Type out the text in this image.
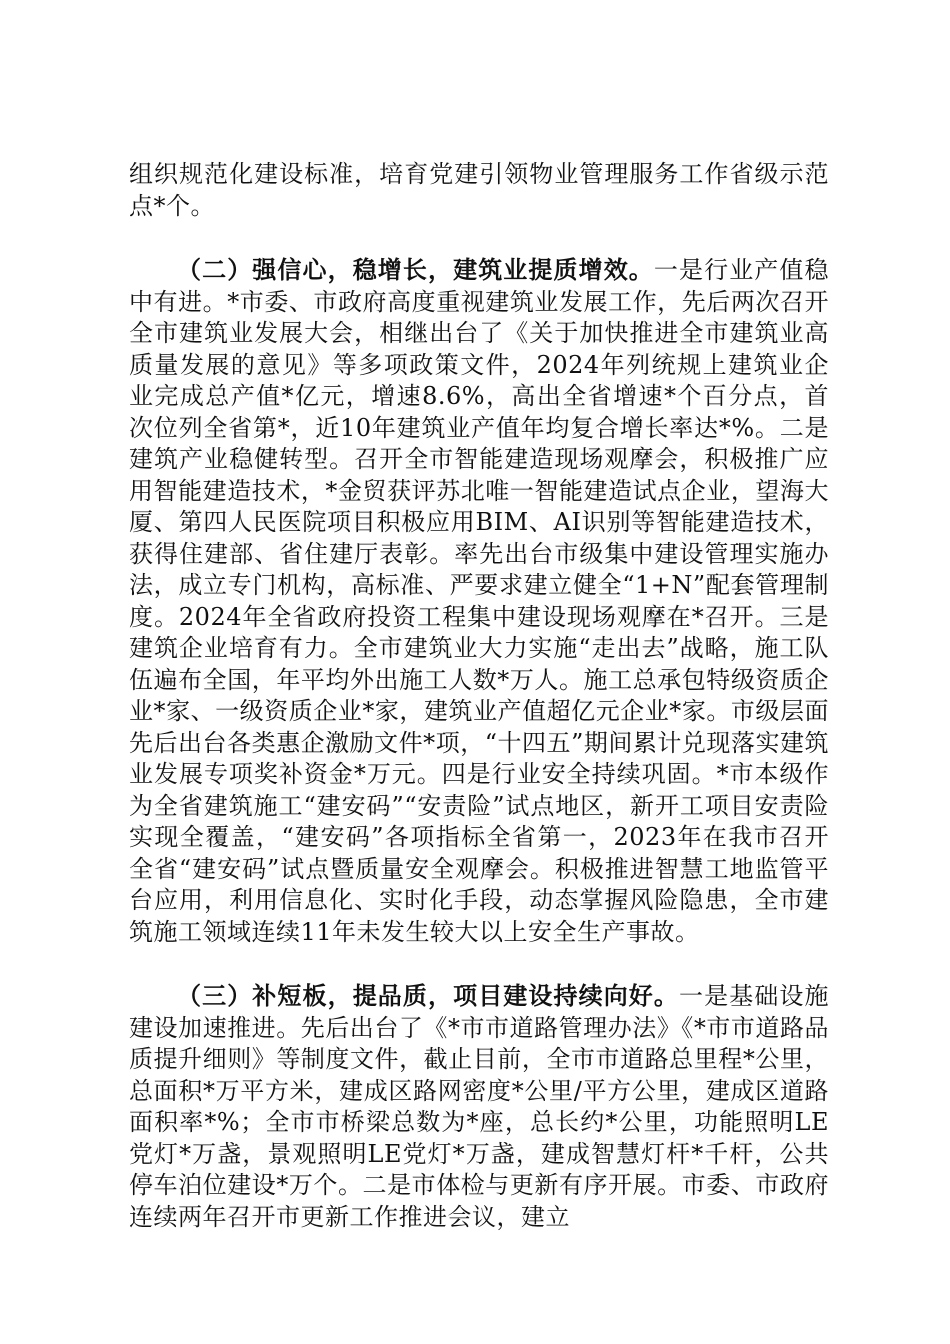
组织规范化建设标准，培育党建引领物业管理服务工作省级示范点*个。

（二）强信心，稳增长，建筑业提质增效。一是行业产值稳中有进。*市委、市政府高度重视建筑业发展工作，先后两次召开全市建筑业发展大会，相继出台了《关于加快推进全市建筑业高质量发展的意见》等多项政策文件，2024年列统规上建筑业企业完成总产值*亿元，增速8.6%，高出全省增速*个百分点，首次位列全省第*，近10年建筑业产值年均复合增长率达*%。二是建筑产业稳健转型。召开全市智能建造现场观摩会，积极推广应用智能建造技术，*金贸获评苏北唯一智能建造试点企业，望海大厦、第四人民医院项目积极应用BIM、AI识别等智能建造技术，获得住建部、省住建厅表彰。率先出台市级集中建设管理实施办法，成立专门机构，高标准、严要求建立健全“1+N”配套管理制度。2024年全省政府投资工程集中建设现场观摩在*召开。三是建筑企业培育有力。全市建筑业大力实施“走出去”战略，施工队伍遍布全国，年平均外出施工人数*万人。施工总承包特级资质企业*家、一级资质企业*家，建筑业产值超亿元企业*家。市级层面先后出台各类惠企激励文件*项，“十四五”期间累计兑现落实建筑业发展专项奖补资金*万元。四是行业安全持续巩固。*市本级作为全省建筑施工“建安码”“安责险”试点地区，新开工项目安责险实现全覆盖，“建安码”各项指标全省第一，2023年在我市召开全省“建安码”试点暨质量安全观摩会。积极推进智慧工地监管平台应用，利用信息化、实时化手段，动态掌握风险隐患，全市建筑施工领域连续11年未发生较大以上安全生产事故。

（三）补短板，提品质，项目建设持续向好。一是基础设施建设加速推进。先后出台了《*市市道路管理办法》《*市市道路品质提升细则》等制度文件，截止目前，全市市道路总里程*公里，总面积*万平方米，建成区路网密度*公里/平方公里，建成区道路面积率*%；全市市桥梁总数为*座，总长约*公里，功能照明LE党灯*万盏，景观照明LE党灯*万盏，建成智慧灯杆*千杆，公共停车泊位建设*万个。二是市体检与更新有序开展。市委、市政府连续两年召开市更新工作推进会议，建立
